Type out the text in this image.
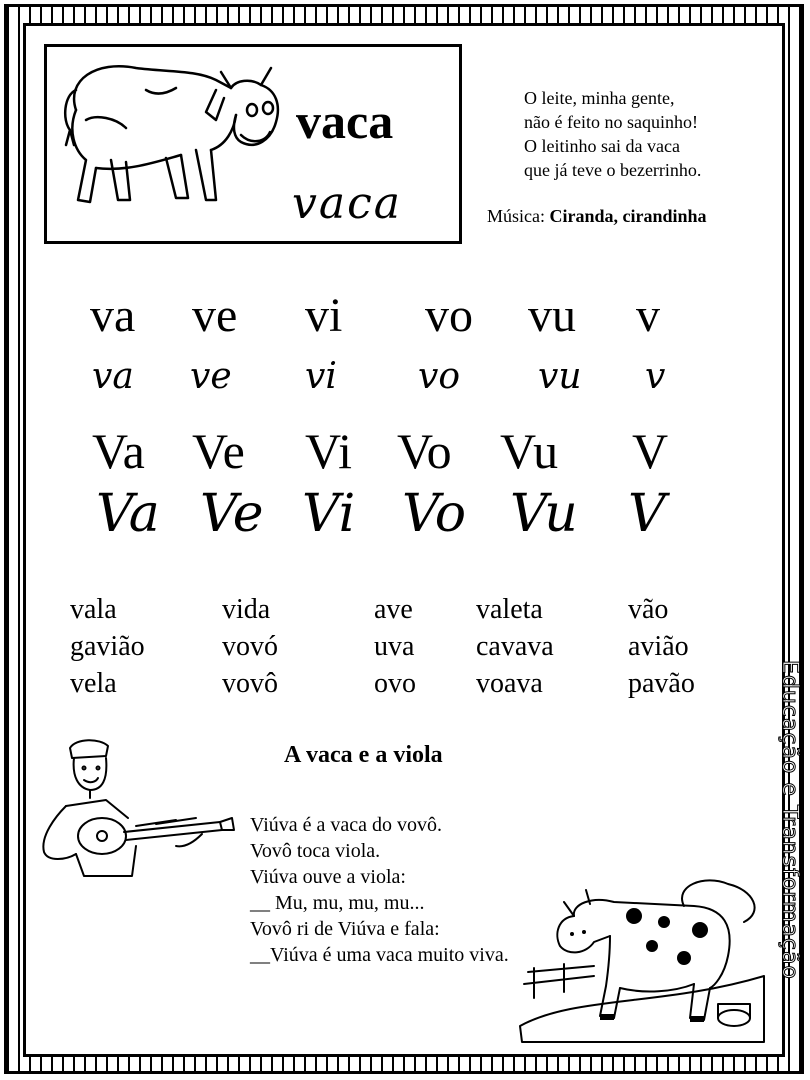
vaca
vaca
O leite, minha gente,
não é feito no saquinho!
O leitinho sai da vaca
que já teve o bezerrinho.
Música: Ciranda, cirandinha
va ve vi vo vu v
va ve vi vo vu v
Va Ve Vi Vo Vu V
Va Ve Vi Vo Vu V
vala
gavião
vela
vida
vovó
vovô
ave
uva
ovo
valeta
cavava
voava
vão
avião
pavão
A vaca e a viola
Viúva é a vaca do vovô.
Vovô toca viola.
Viúva ouve a viola:
__ Mu, mu, mu, mu...
Vovô ri de Viúva e fala:
__Viúva é uma vaca muito viva.	Educação e Transformação
